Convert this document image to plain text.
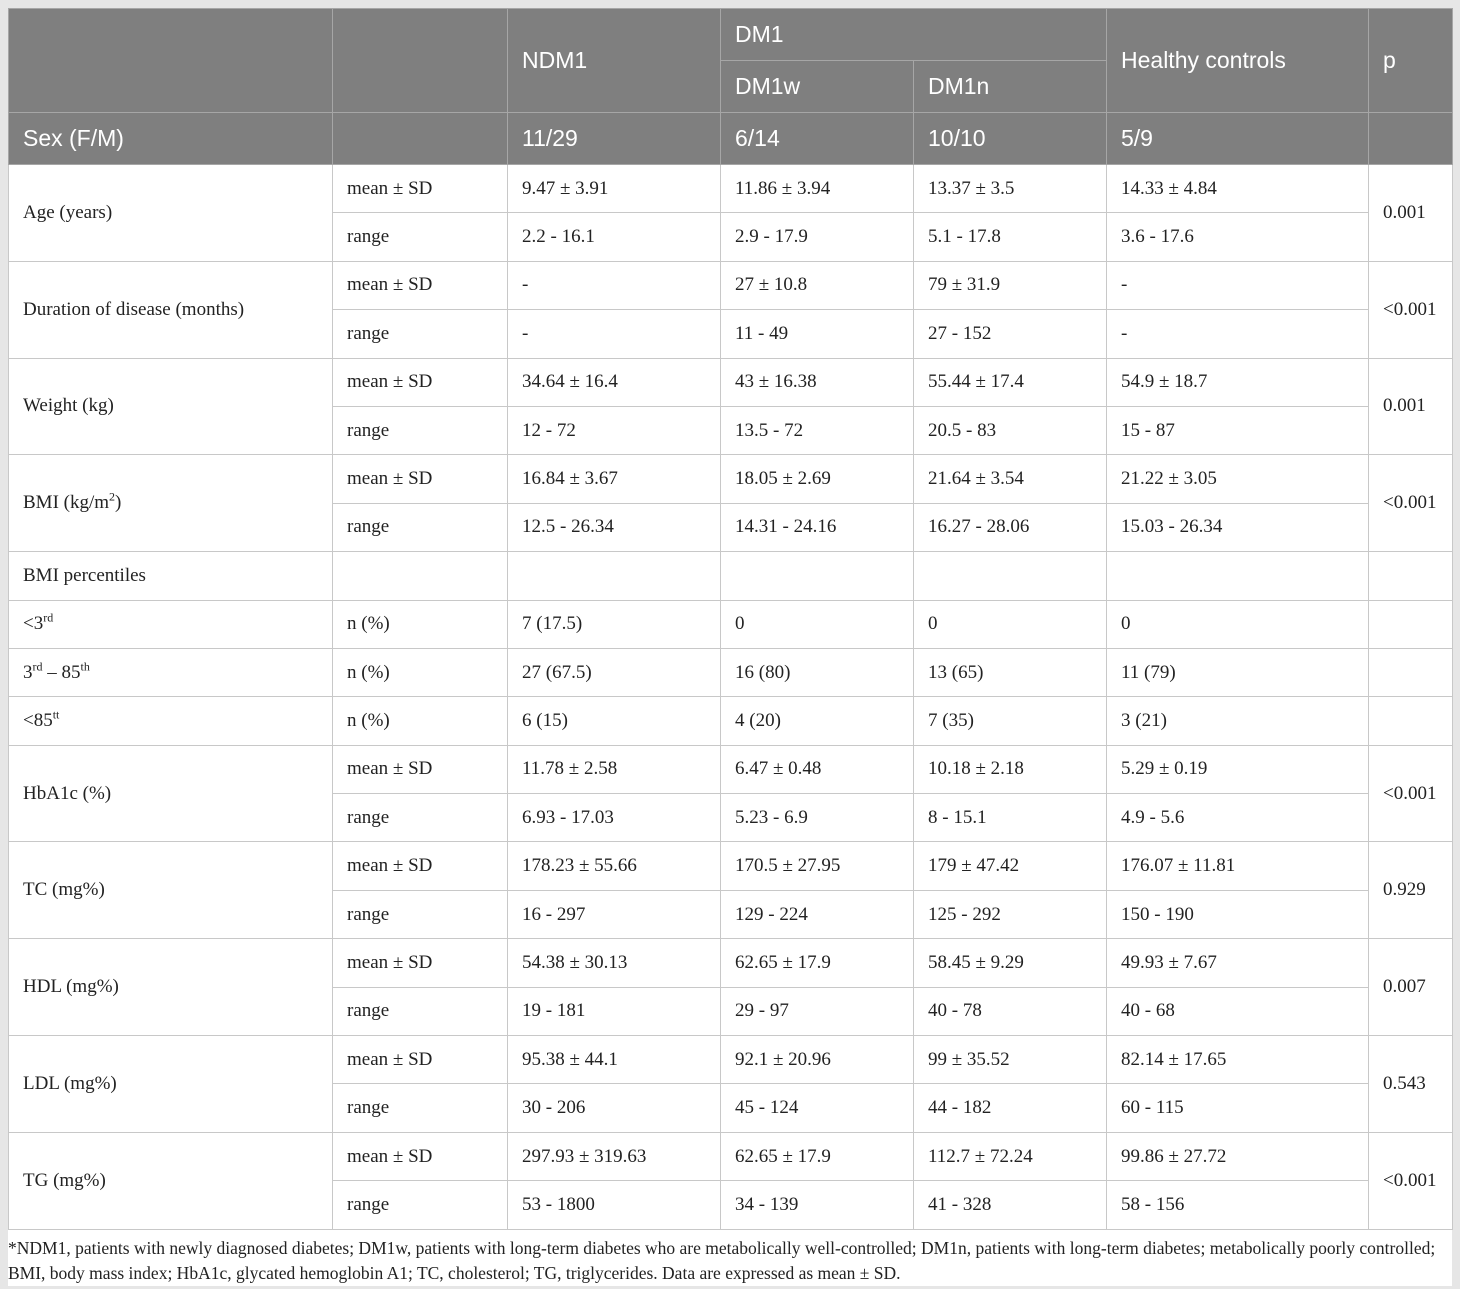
		NDM1	DM1		Healthy controls	p
			DM1w	DM1n		
Sex (F/M)		11/29	6/14	10/10	5/9	
Age (years)	mean ± SD	9.47 ± 3.91	11.86 ± 3.94	13.37 ± 3.5	14.33 ± 4.84	0.001
	range	2.2 - 16.1	2.9 - 17.9	5.1 - 17.8	3.6 - 17.6	
Duration of disease (months)	mean ± SD	-	27 ± 10.8	79 ± 31.9	-	<0.001
	range	-	11 - 49	27 - 152	-	
Weight (kg)	mean ± SD	34.64 ± 16.4	43 ± 16.38	55.44 ± 17.4	54.9 ± 18.7	0.001
	range	12 - 72	13.5 - 72	20.5 - 83	15 - 87	
BMI $(kg/m^2)$	mean ± SD	16.84 ± 3.67	18.05 ± 2.69	21.64 ± 3.54	21.22 ± 3.05	<0.001
	range	12.5 - 26.34	14.31 - 24.16	16.27 - 28.06	15.03 - 26.34	
BMI percentiles						
<3rd	n (%)	7 (17.5)	0	0	0	
3rd – 85th	n (%)	27 (67.5)	16 (80)	13 (65)	11 (79)	
$<85^{tt}$	n (%)	6 (15)	4 (20)	7 (35)	3 (21)	
HbA1c (%)	mean ± SD	11.78 ± 2.58	6.47 ± 0.48	10.18 ± 2.18	5.29 ± 0.19	<0.001
	range	6.93 - 17.03	5.23 - 6.9	8 - 15.1	4.9 - 5.6	
TC (mg%)	mean ± SD	178.23 ± 55.66	170.5 ± 27.95	179 ± 47.42	176.07 ± 11.81	0.929
	range	16 - 297	129 - 224	125 - 292	150 - 190	
HDL (mg%)	mean ± SD	54.38 ± 30.13	62.65 ± 17.9	58.45 ± 9.29	49.93 ± 7.67	0.007
	range	19 - 181	29 - 97	40 - 78	40 - 68	
LDL (mg%)	mean ± SD	95.38 ± 44.1	92.1 ± 20.96	99 ± 35.52	82.14 ± 17.65	0.543
	range	30 - 206	45 - 124	44 - 182	60 - 115	
TG (mg%)	mean ± SD	297.93 ± 319.63	62.65 ± 17.9	112.7 ± 72.24	99.86 ± 27.72	<0.001
	range	53 - 1800	34 - 139	41 - 328	58 - 156	
*NDM1, patients with newly diagnosed diabetes; DM1w, patients with long-term diabetes who are metabolically well-controlled; DM1n, patients with long-term diabetes; metabolically poorly controlled; BMI, body mass index; HbA1c, glycated hemoglobin A1; TC, cholesterol; TG, triglycerides. Data are expressed as mean ± SD.
